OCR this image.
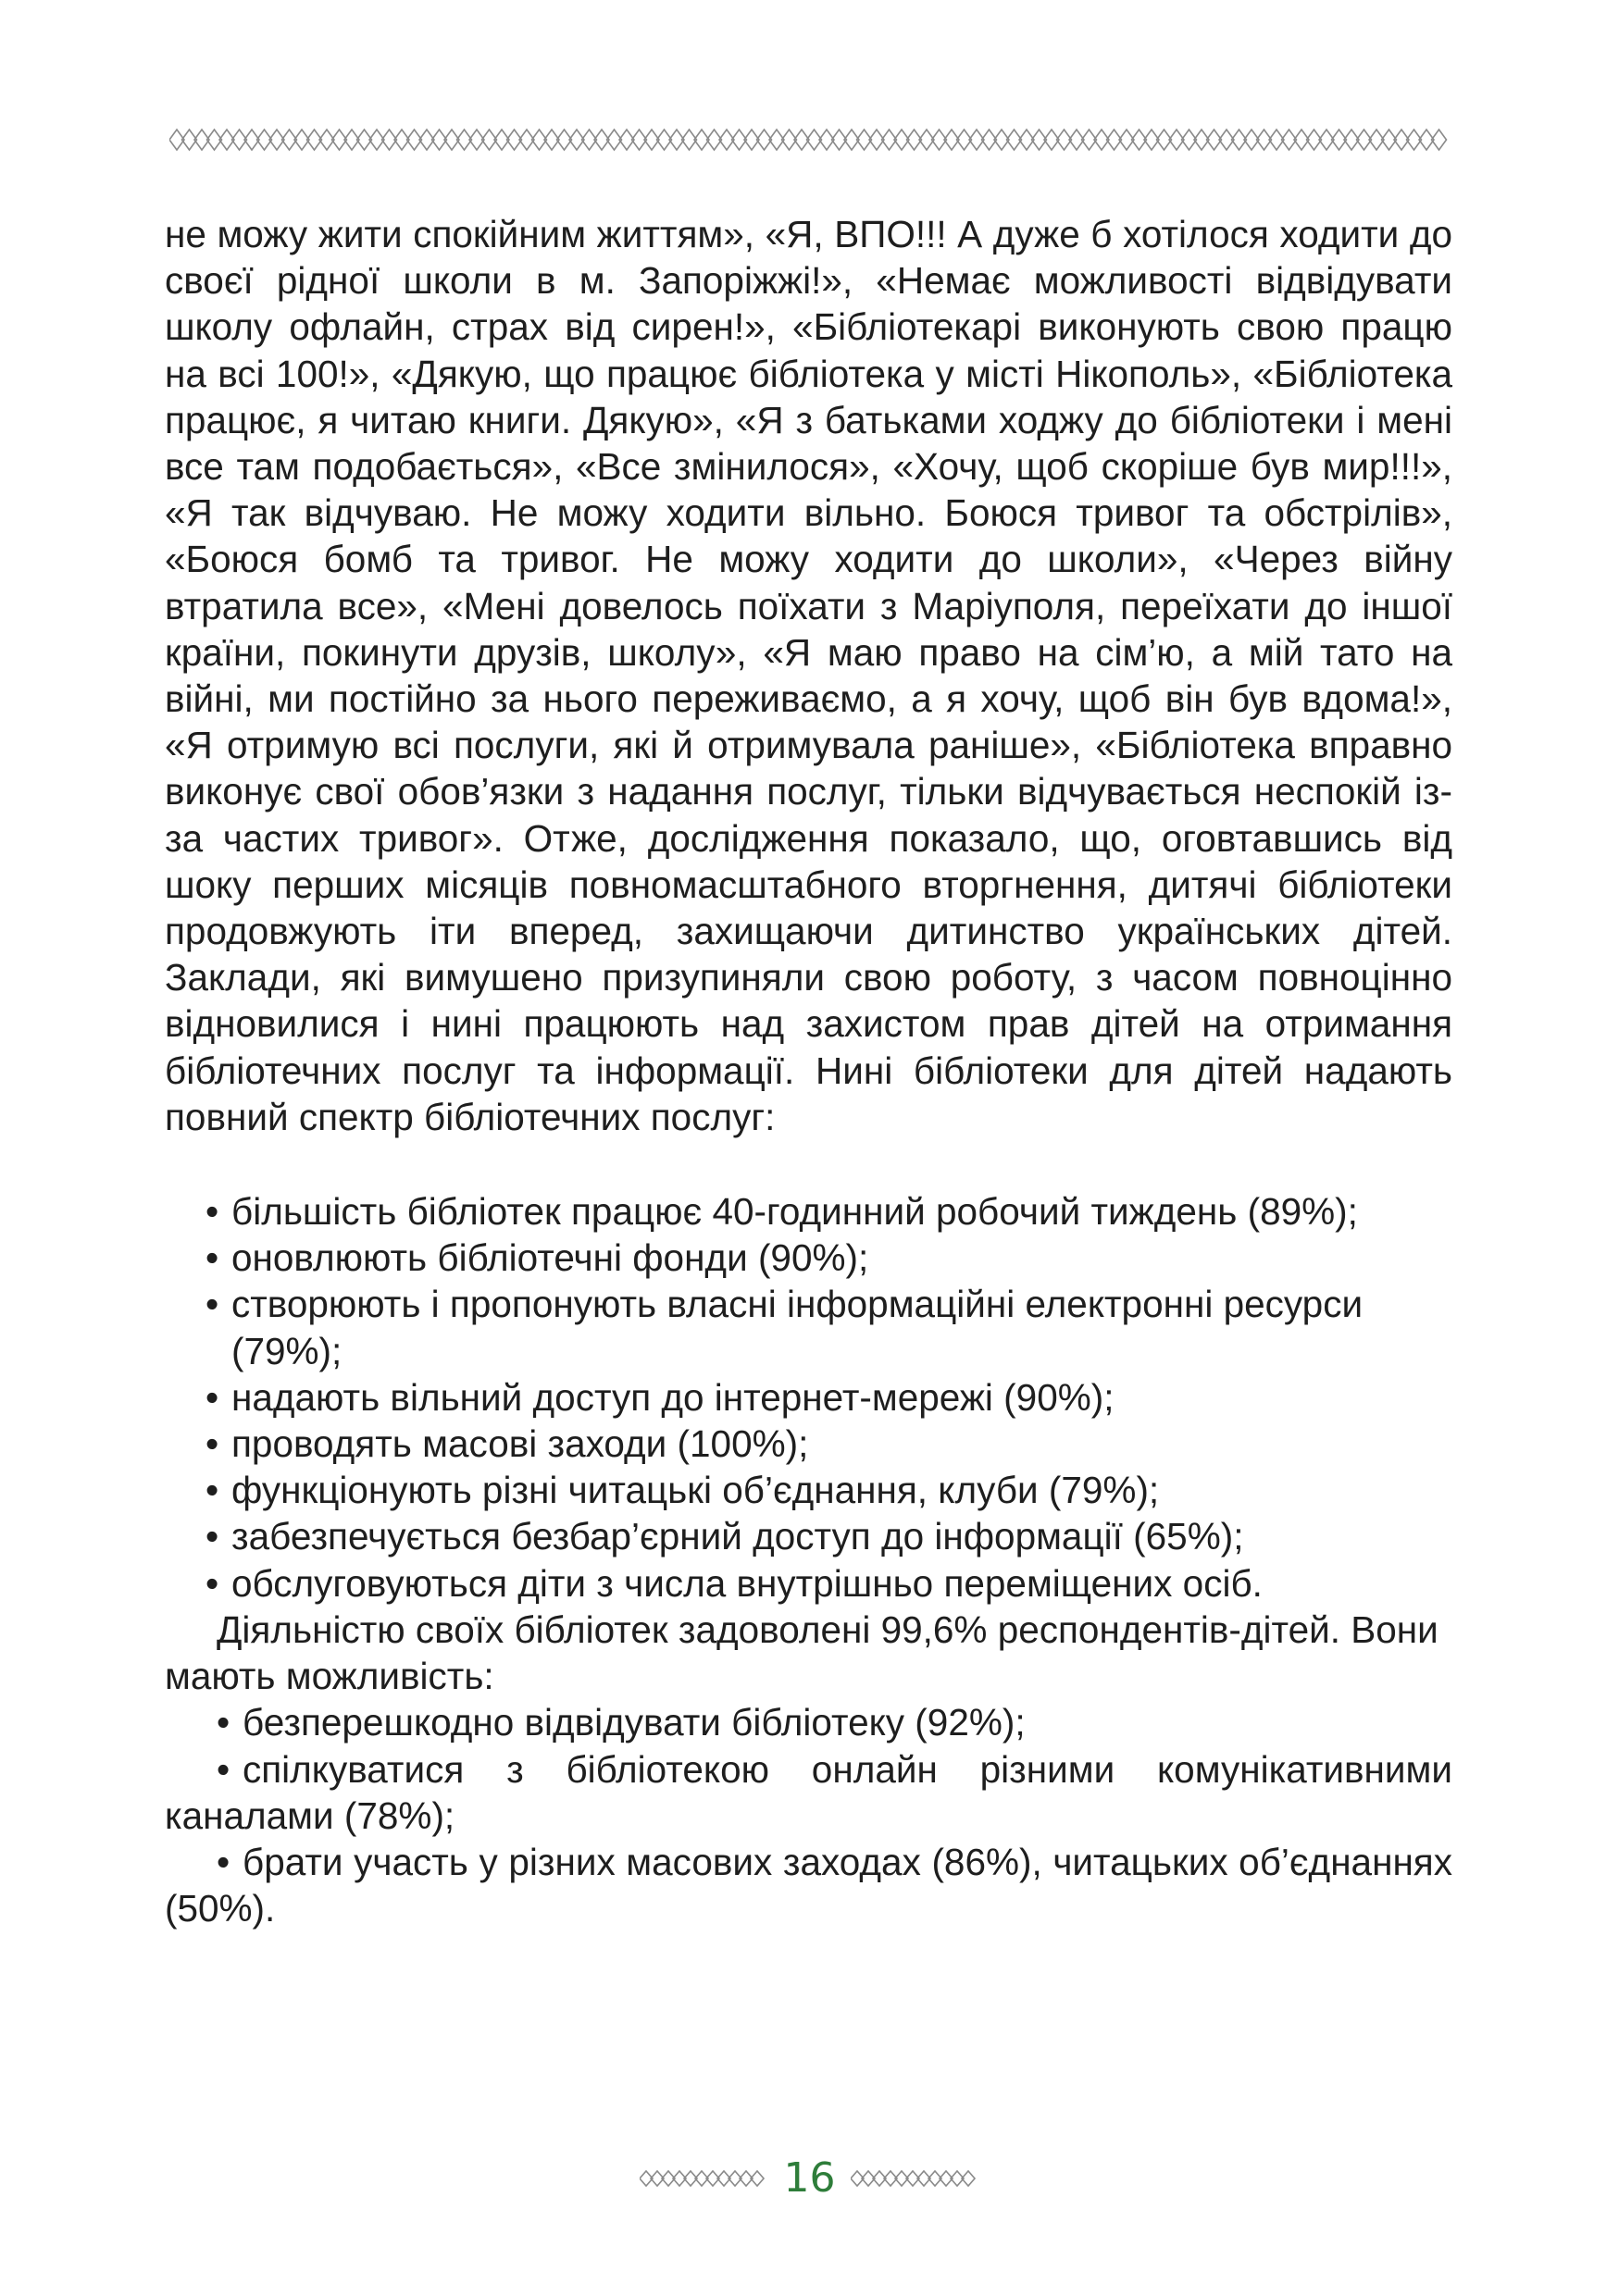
не можу жити спокійним життям», «Я, ВПО!!! А дуже б хотілося ходити до своєї рідної школи в м. Запоріжжі!», «Немає можливості відвідувати школу офлайн, страх від сирен!», «Бібліотекарі виконують свою працю на всі 100!», «Дякую, що працює бібліотека у місті Нікополь», «Бібліотека працює, я читаю книги. Дякую», «Я з батьками ходжу до бібліотеки і мені все там подобається», «Все змінилося», «Хочу, щоб скоріше був мир!!!», «Я так відчуваю. Не можу ходити вільно. Боюся тривог та обстрілів», «Боюся бомб та тривог. Не можу ходити до школи», «Через війну втратила все», «Мені довелось поїхати з Маріуполя, переїхати до іншої країни, покинути друзів, школу», «Я маю право на сім’ю, а мій тато на війні, ми постійно за нього переживаємо, а я хочу, щоб він був вдома!», «Я отримую всі послуги, які й отримувала раніше», «Бібліотека вправно виконує свої обов’язки з надання послуг, тільки відчувається неспокій із-за частих тривог». Отже, дослідження показало, що, оговтавшись від шоку перших місяців повномасштабного вторгнення, дитячі бібліотеки продовжують іти вперед, захищаючи дитинство українських дітей. Заклади, які вимушено призупиняли свою роботу, з часом повноцінно відновилися і нині працюють над захистом прав дітей на отримання бібліотечних послуг та інформації. Нині бібліотеки для дітей надають повний спектр бібліотечних послуг:

• більшість бібліотек працює 40-годинний робочий тиждень (89%);
• оновлюють бібліотечні фонди (90%);
• створюють і пропонують власні інформаційні електронні ресурси (79%);
• надають вільний доступ до інтернет-мережі (90%);
• проводять масові заходи (100%);
• функціонують різні читацькі об’єднання, клуби (79%);
• забезпечується безбар’єрний доступ до інформації (65%);
• обслуговуються діти з числа внутрішньо переміщених осіб.

Діяльністю своїх бібліотек задоволені 99,6% респондентів-дітей. Вони мають можливість:

• безперешкодно відвідувати бібліотеку (92%);
• спілкуватися з бібліотекою онлайн різними комунікативними каналами (78%);
• брати участь у різних масових заходах (86%), читацьких об’єднаннях (50%).
16
